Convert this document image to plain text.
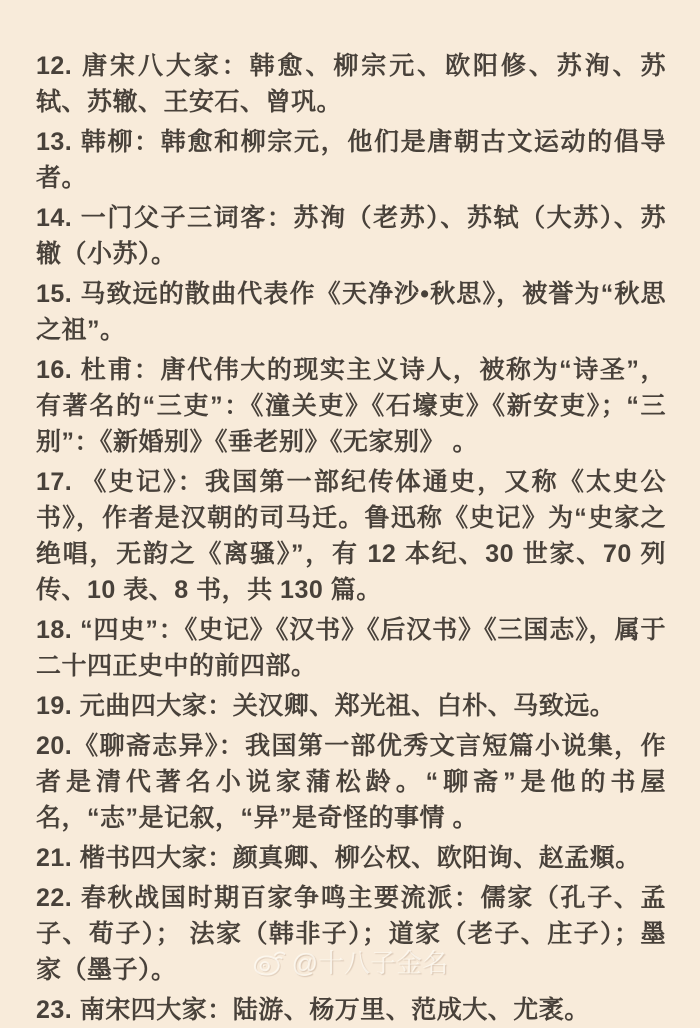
12. 唐宋八大家：韩愈、柳宗元、欧阳修、苏洵、苏轼、苏辙、王安石、曾巩。

13. 韩柳：韩愈和柳宗元，他们是唐朝古文运动的倡导者。

14. 一门父子三词客：苏洵（老苏）、苏轼（大苏）、苏辙（小苏）。

15. 马致远的散曲代表作《天净沙•秋思》，被誉为“秋思之祖”。

16. 杜甫：唐代伟大的现实主义诗人，被称为“诗圣”，有著名的“三吏”：《潼关吏》《石壕吏》《新安吏》；“三别”：《新婚别》《垂老别》《无家别》 。

17. 《史记》：我国第一部纪传体通史，又称《太史公书》，作者是汉朝的司马迁。鲁迅称《史记》为“史家之绝唱，无韵之《离骚》”，有 12 本纪、30 世家、70 列传、10 表、8 书，共 130 篇。

18. “四史”：《史记》《汉书》《后汉书》《三国志》，属于二十四正史中的前四部。

19. 元曲四大家：关汉卿、郑光祖、白朴、马致远。

20.《聊斋志异》：我国第一部优秀文言短篇小说集，作者是清代著名小说家蒲松龄。“聊斋”是他的书屋名，“志”是记叙，“异”是奇怪的事情 。

21. 楷书四大家：颜真卿、柳公权、欧阳询、赵孟頫。

22. 春秋战国时期百家争鸣主要流派：儒家（孔子、孟子、荀子）； 法家（韩非子）；道家（老子、庄子）；墨家（墨子）。

23. 南宋四大家：陆游、杨万里、范成大、尤袤。

@十八子金名
